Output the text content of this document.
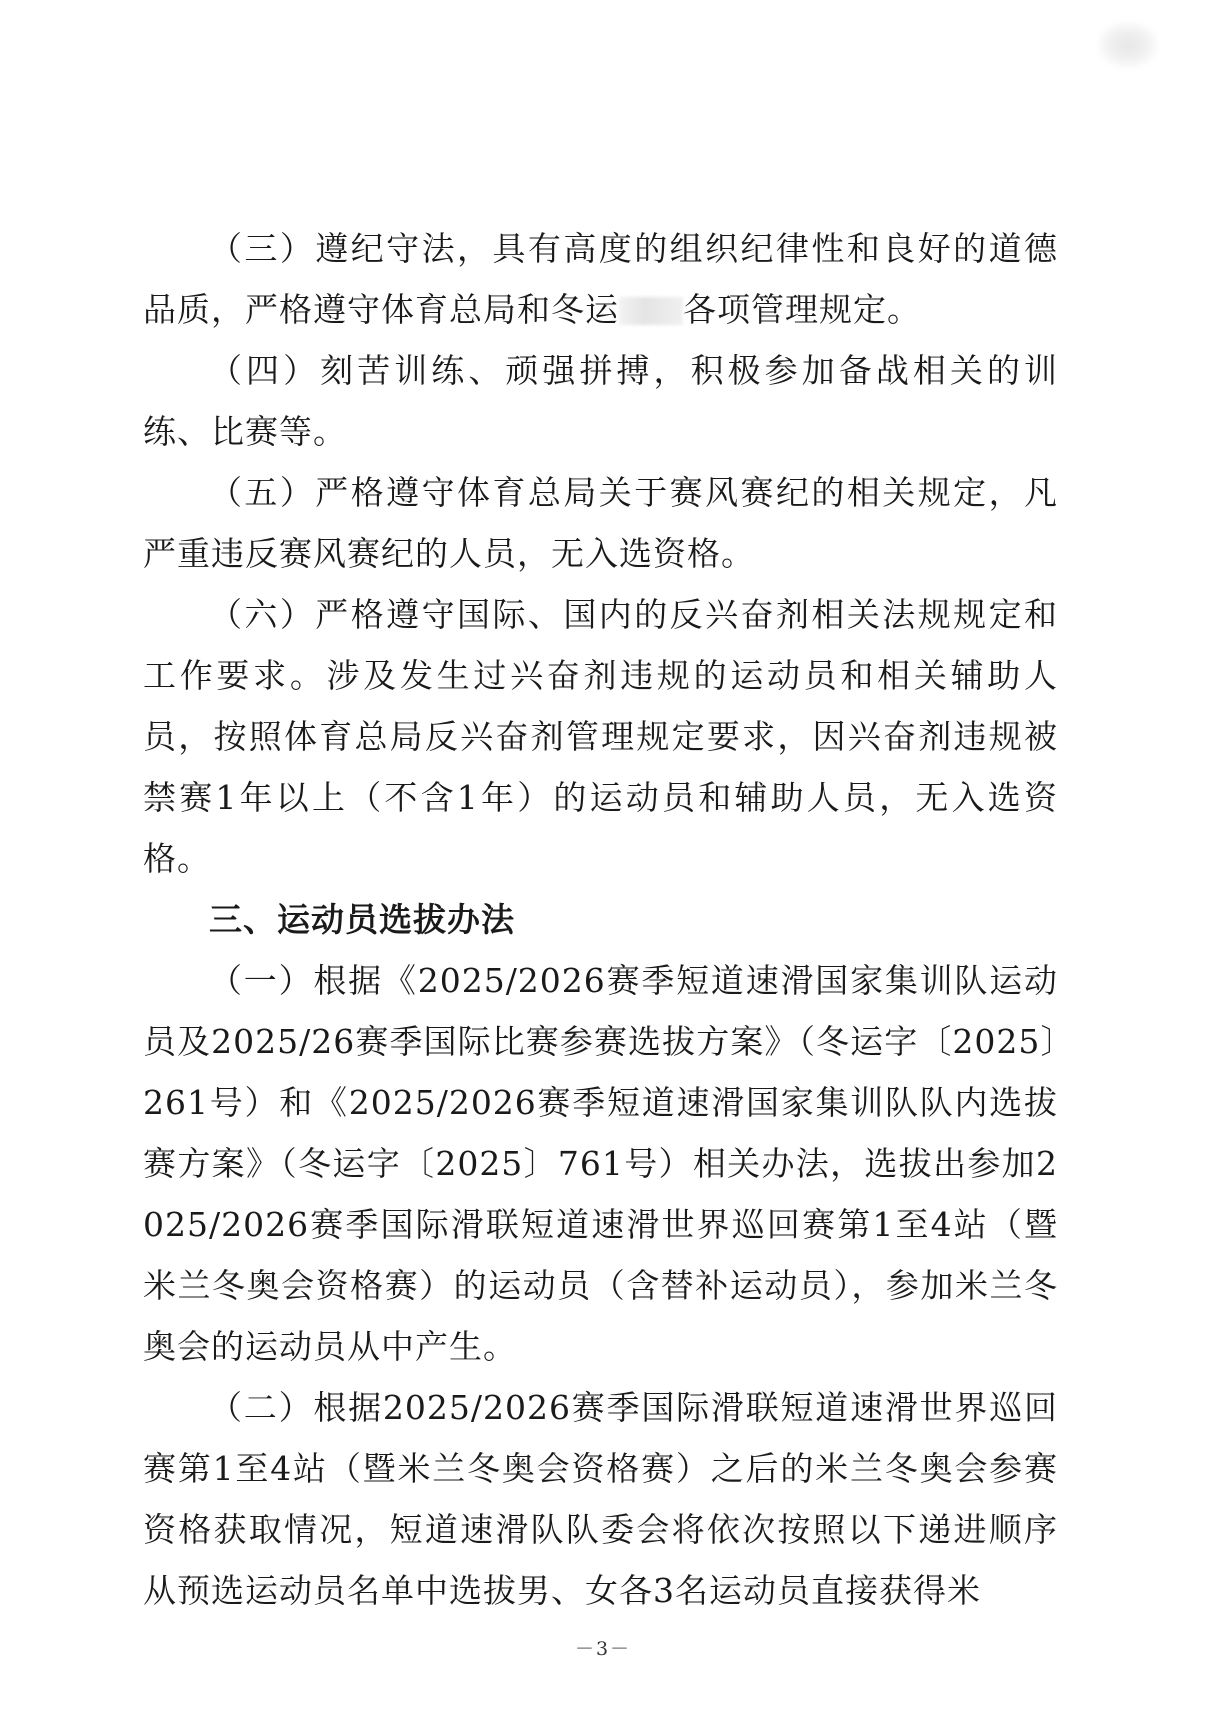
（三）遵纪守法，具有高度的组织纪律性和良好的道德品质，严格遵守体育总局和冬运 各项管理规定。

（四）刻苦训练、顽强拼搏，积极参加备战相关的训练、比赛等。

（五）严格遵守体育总局关于赛风赛纪的相关规定，凡严重违反赛风赛纪的人员，无入选资格。

（六）严格遵守国际、国内的反兴奋剂相关法规规定和工作要求。涉及发生过兴奋剂违规的运动员和相关辅助人员，按照体育总局反兴奋剂管理规定要求，因兴奋剂违规被禁赛1年以上（不含1年）的运动员和辅助人员，无入选资格。

三、运动员选拔办法

（一）根据《2025/2026赛季短道速滑国家集训队运动员及2025/26赛季国际比赛参赛选拔方案》（冬运字〔2025〕261号）和《2025/2026赛季短道速滑国家集训队队内选拔赛方案》（冬运字〔2025〕761号）相关办法，选拔出参加2025/2026赛季国际滑联短道速滑世界巡回赛第1至4站（暨米兰冬奥会资格赛）的运动员（含替补运动员），参加米兰冬奥会的运动员从中产生。

（二）根据2025/2026赛季国际滑联短道速滑世界巡回赛第1至4站（暨米兰冬奥会资格赛）之后的米兰冬奥会参赛资格获取情况，短道速滑队队委会将依次按照以下递进顺序从预选运动员名单中选拔男、女各3名运动员直接获得米

－3－
